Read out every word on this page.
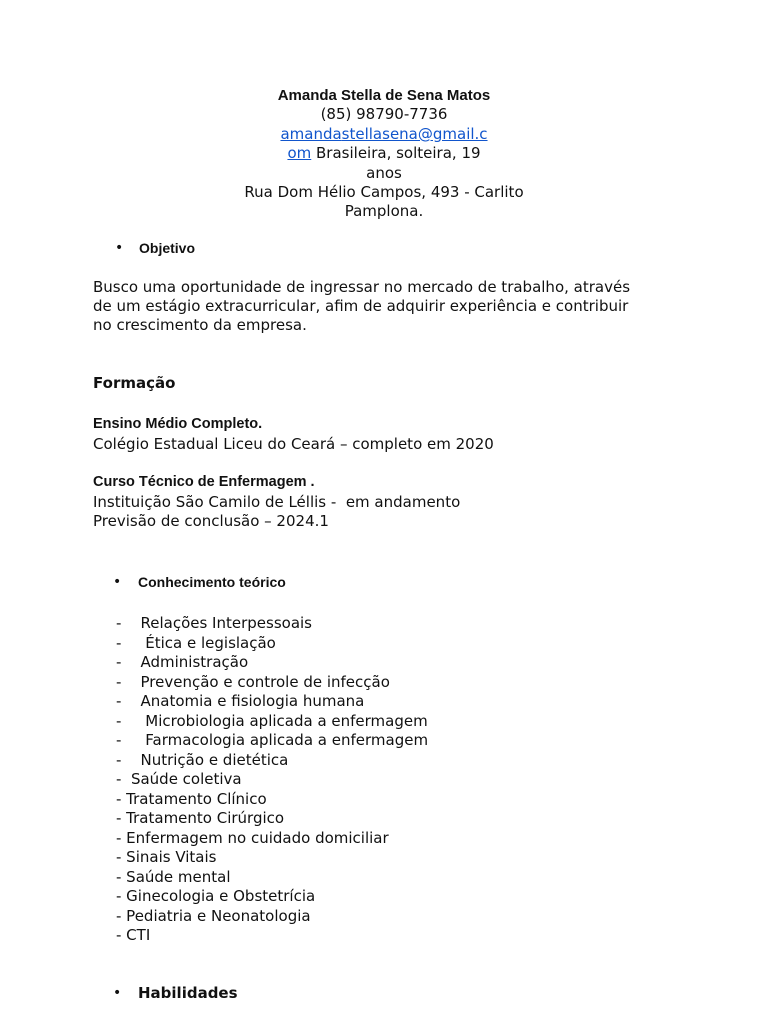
Amanda Stella de Sena Matos
(85) 98790-7736
amandastellasena@gmail.c
om Brasileira, solteira, 19
anos
Rua Dom Hélio Campos, 493 - Carlito
Pamplona.
• Objetivo
Busco uma oportunidade de ingressar no mercado de trabalho, através
de um estágio extracurricular, afim de adquirir experiência e contribuir
no crescimento da empresa.
Formação
Ensino Médio Completo.
Colégio Estadual Liceu do Ceará – completo em 2020
Curso Técnico de Enfermagem .
Instituição São Camilo de Léllis -  em andamento
Previsão de conclusão – 2024.1
• Conhecimento teórico
-    Relações Interpessoais
-     Ética e legislação
-    Administração
-    Prevenção e controle de infecção
-    Anatomia e fisiologia humana
-     Microbiologia aplicada a enfermagem
-     Farmacologia aplicada a enfermagem
-    Nutrição e dietética
-  Saúde coletiva
- Tratamento Clínico
- Tratamento Cirúrgico
- Enfermagem no cuidado domiciliar
- Sinais Vitais
- Saúde mental
- Ginecologia e Obstetrícia
- Pediatria e Neonatologia
- CTI
• Habilidades
